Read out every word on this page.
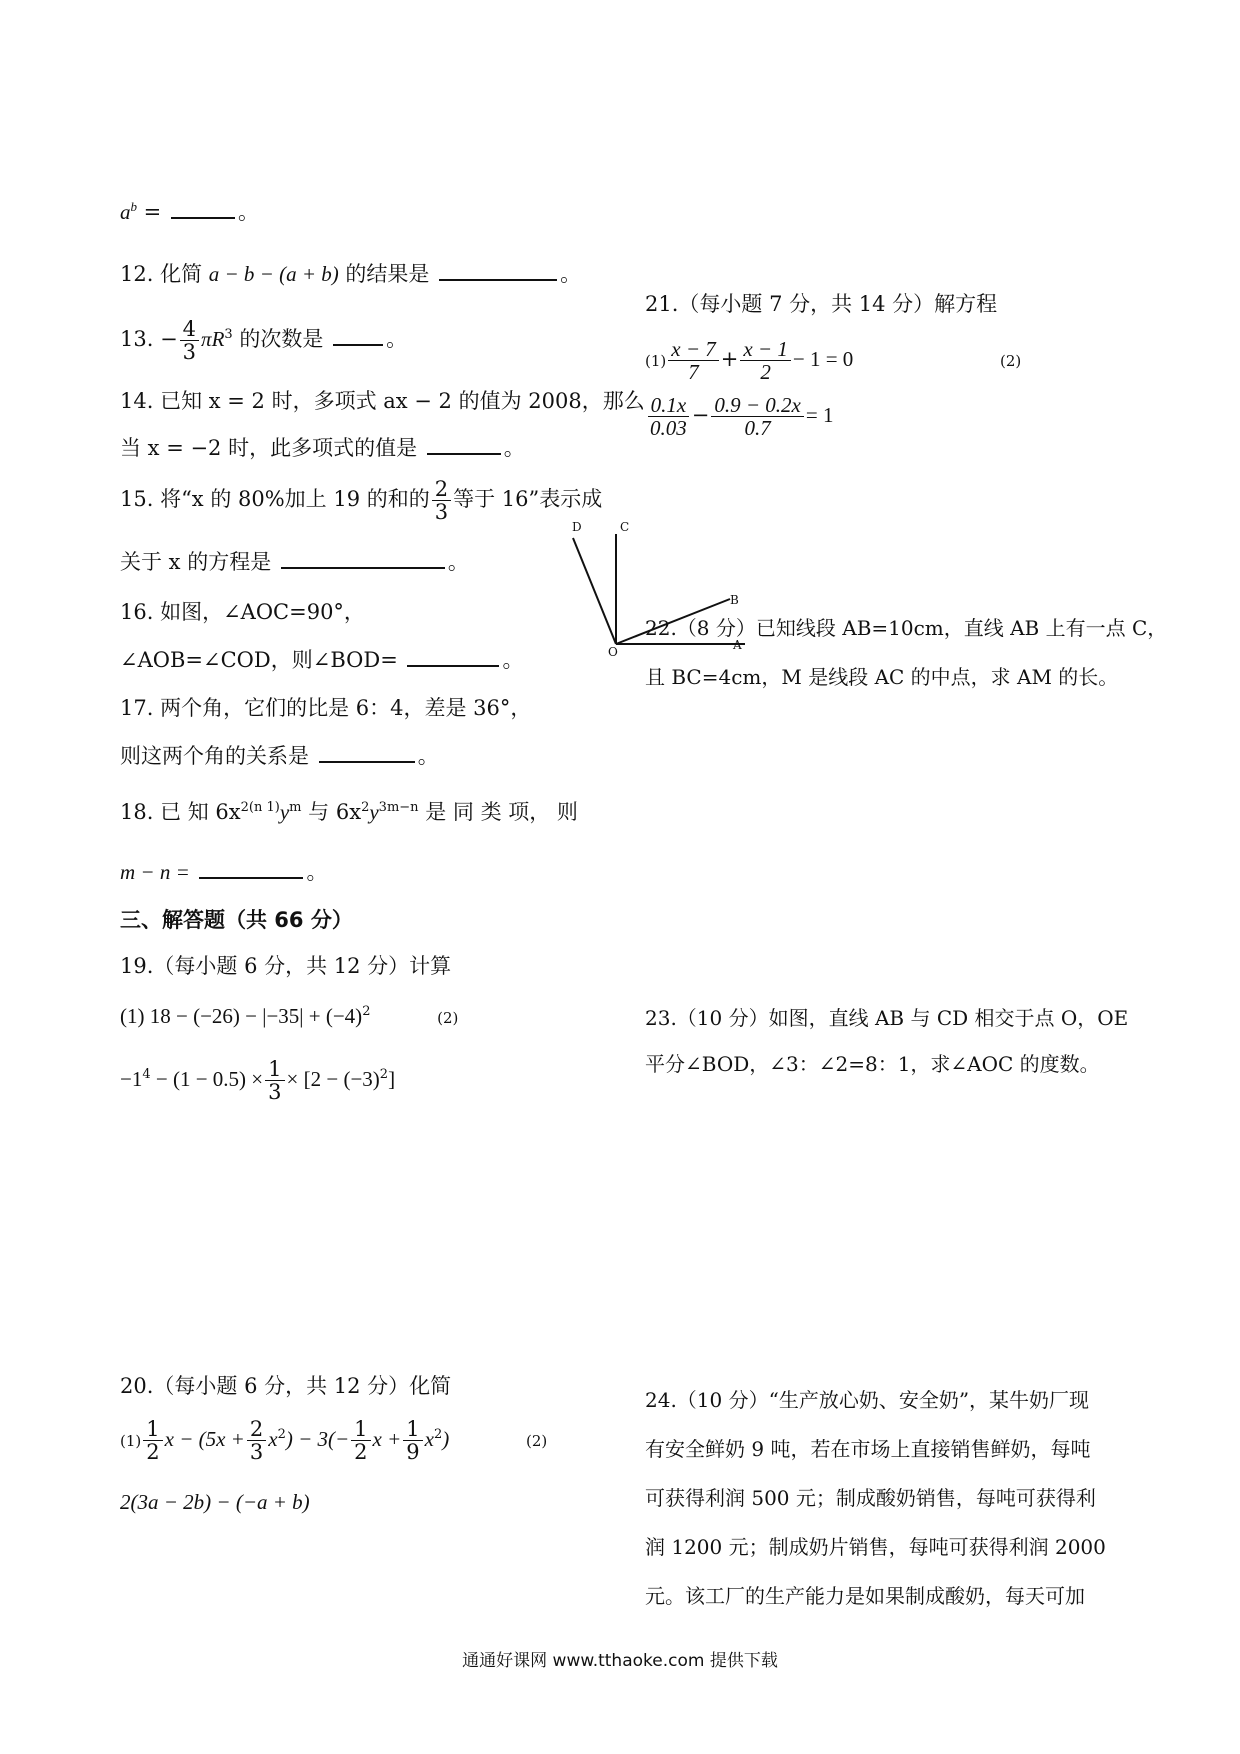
$a^b$ =	。
12. 化简 a − b − (a + b) 的结果是	。
13. − $\frac{4}{3} \pi R^3$ 的次数是	。
14. 已知 x = 2 时，多项式 ax − 2 的值为 2008，那么
当 x = −2 时，此多项式的值是	。
15. 将“x 的 80%加上 19 的和的 $\frac{2}{3}$ 等于 16”表示成
关于 x 的方程是	。
16. 如图，∠AOC=90°，
∠AOB=∠COD，则∠BOD=	。
17. 两个角，它们的比是 6：4，差是 36°，
则这两个角的关系是	。
18. 已 知 $6x^{2(n 1)}y^m$ 与 $6x^2y^{3m-n}$ 是 同 类 项， 则
m − n =	。
三、解答题（共 66 分）
19.（每小题 6 分，共 12 分）计算
(1) $18 - (-26) - |-35| + (-4)^2$	(2)
$-1^4 - (1 - 0.5) \times \frac{1}{3} \times [2 - (-3)^2]$
20.（每小题 6 分，共 12 分）化简
$(1) \frac{1}{2}$ $x - (5x + \frac{2}{3} x^2) - 3(- \frac{1}{2}$ $x + \frac{1}{9} x^2$)	(2)
2(3a − 2b) − (−a + b)
21.（每小题 7 分，共 14 分）解方程
$(1) \frac{x - 7}{7} + \frac{x - 1}{2} - 1 = 0$	(2)
$\frac{0.1x}{0.03} - \frac{0.9 - 0.2x}{0.7} = 1$
D	C
B
A
O
22.（8 分）已知线段 AB=10cm，直线 AB 上有一点 C，
且 BC=4cm，M 是线段 AC 的中点，求 AM 的长。
23.（10 分）如图，直线 AB 与 CD 相交于点 O，OE
平分∠BOD，∠3：∠2=8：1，求∠AOC 的度数。
24.（10 分）“生产放心奶、安全奶”，某牛奶厂现
有安全鲜奶 9 吨，若在市场上直接销售鲜奶，每吨
可获得利润 500 元；制成酸奶销售，每吨可获得利
润 1200 元；制成奶片销售，每吨可获得利润 2000
元。该工厂的生产能力是如果制成酸奶，每天可加
通通好课网 www.tthaoke.com 提供下载
